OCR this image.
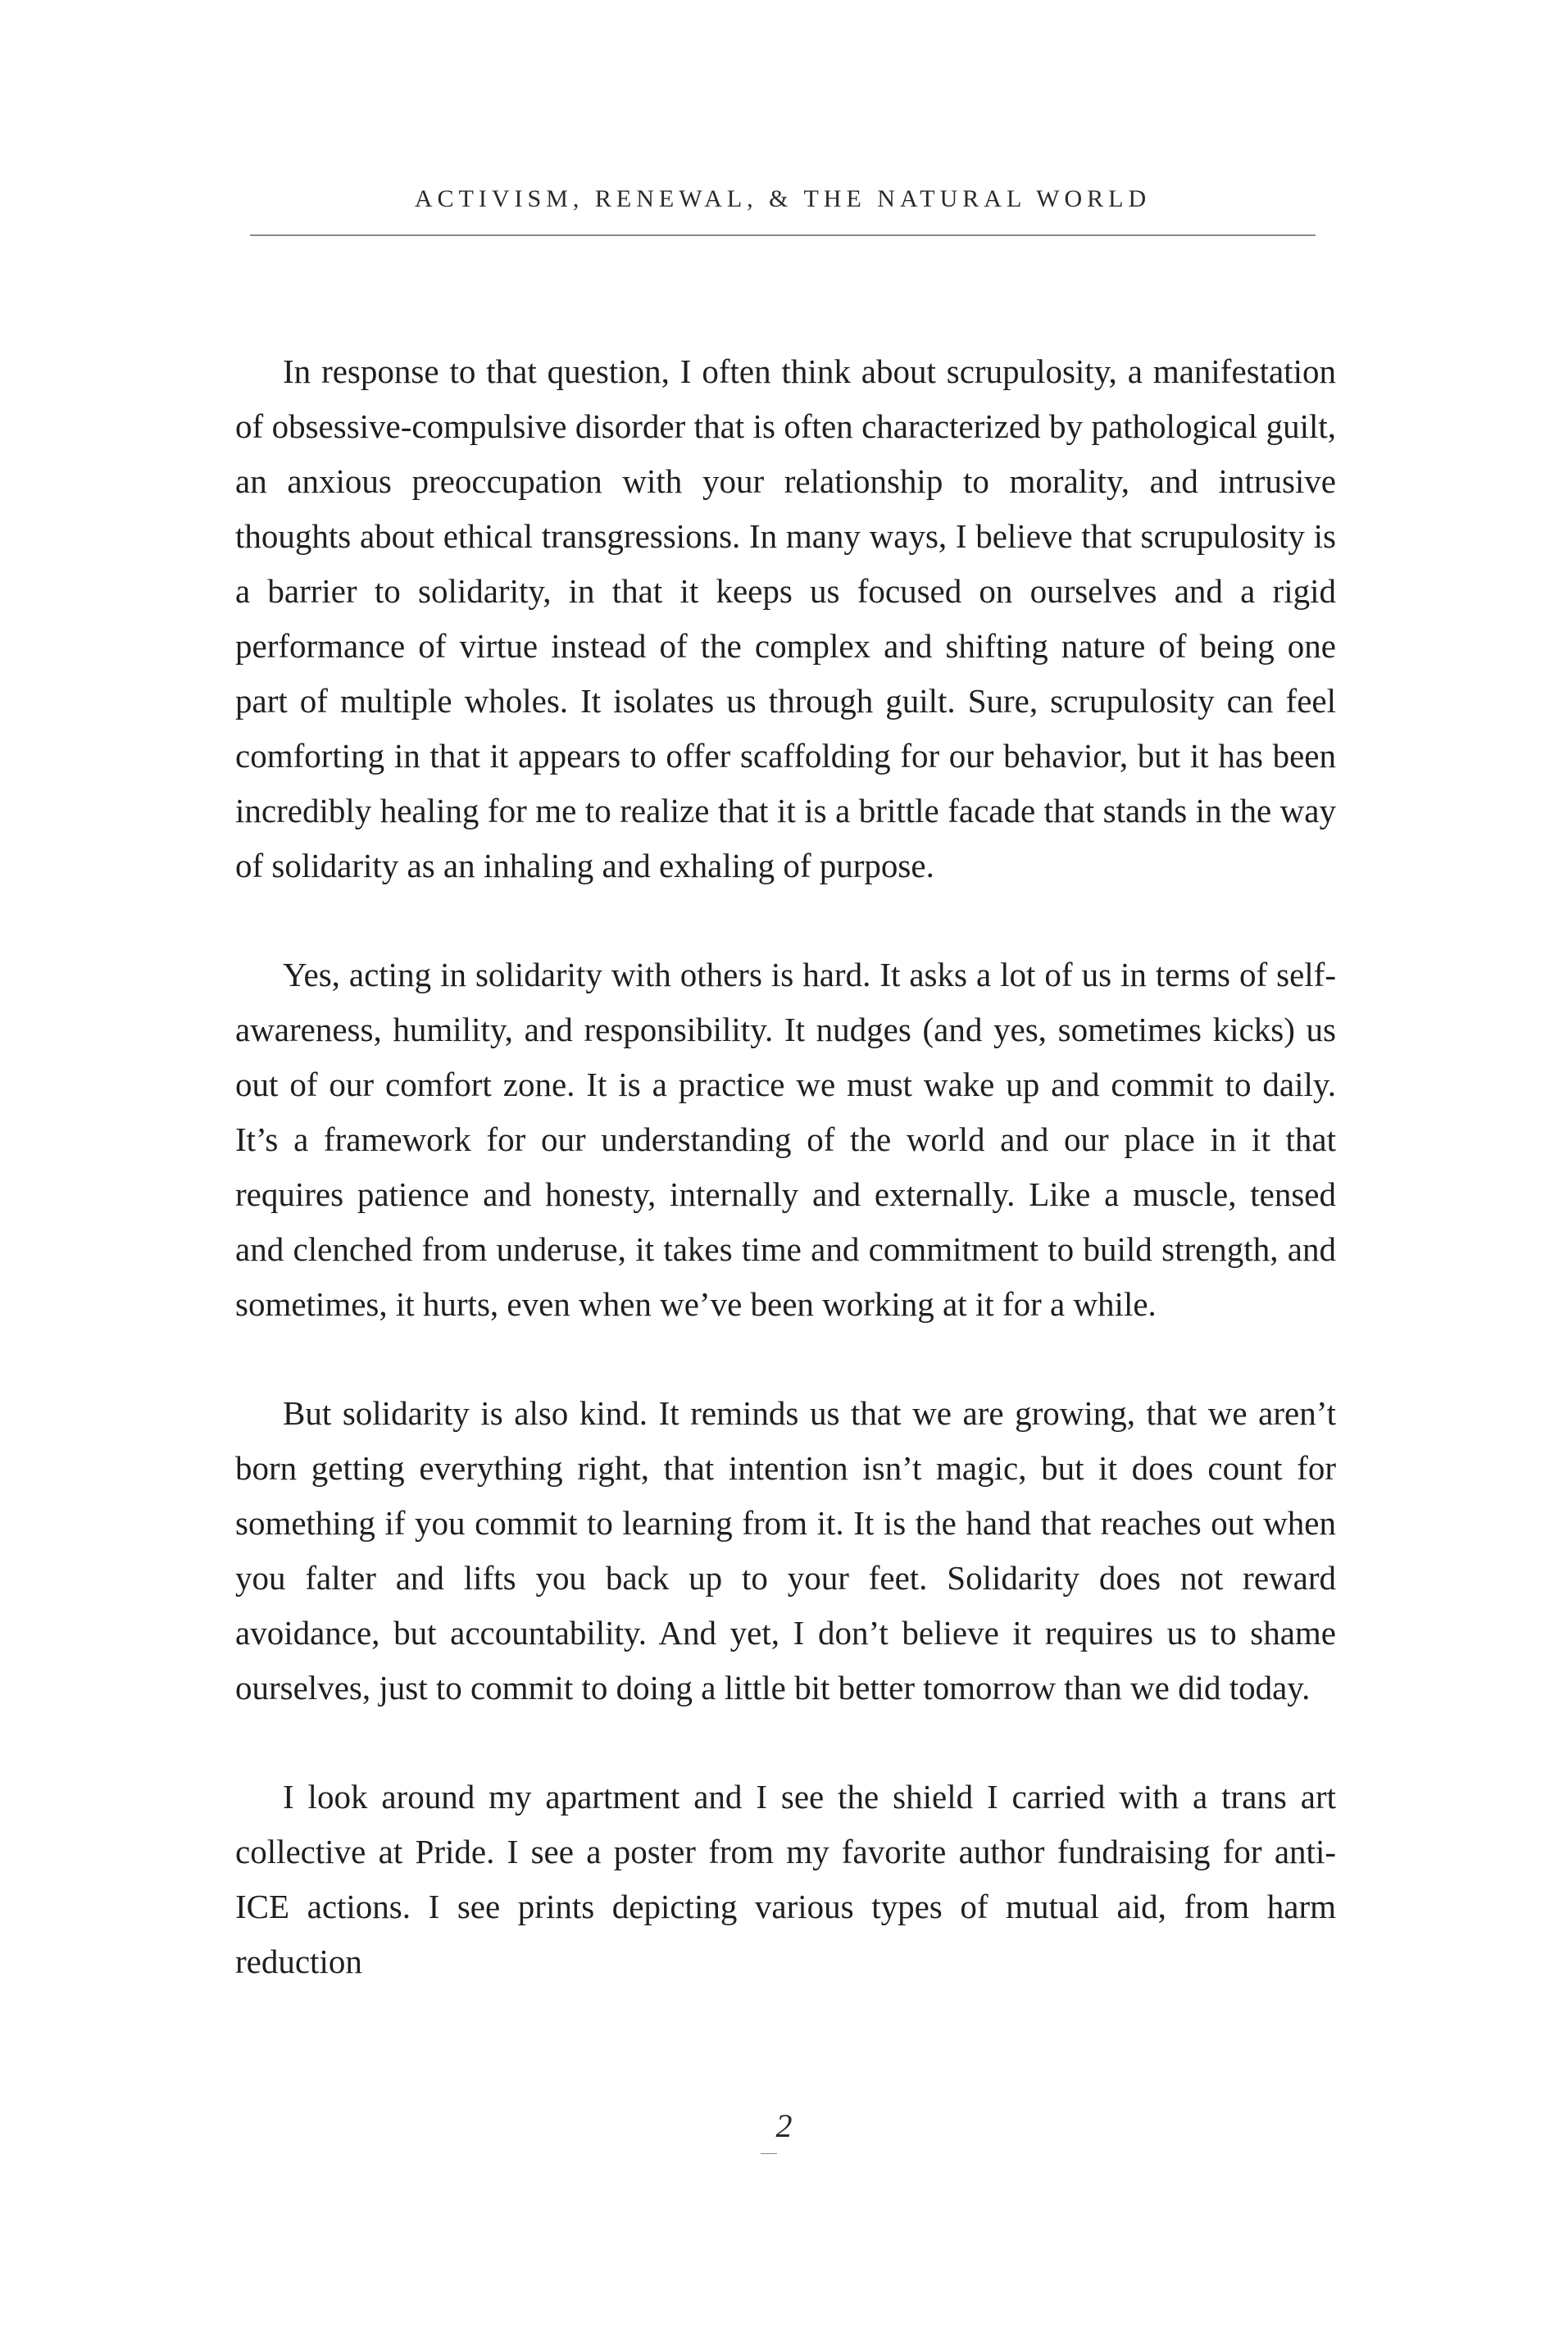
ACTIVISM, RENEWAL, & THE NATURAL WORLD

In response to that question, I often think about scrupulosity, a manifestation of obsessive-compulsive disorder that is often characterized by pathological guilt, an anxious preoccupation with your relationship to morality, and intrusive thoughts about ethical transgressions. In many ways, I believe that scrupulosity is a barrier to solidarity, in that it keeps us focused on ourselves and a rigid performance of virtue instead of the complex and shifting nature of being one part of multiple wholes. It isolates us through guilt. Sure, scrupulosity can feel comforting in that it appears to offer scaffolding for our behavior, but it has been incredibly healing for me to realize that it is a brittle facade that stands in the way of solidarity as an inhaling and exhaling of purpose.

Yes, acting in solidarity with others is hard. It asks a lot of us in terms of self-awareness, humility, and responsibility. It nudges (and yes, sometimes kicks) us out of our comfort zone. It is a practice we must wake up and commit to daily. It’s a framework for our understanding of the world and our place in it that requires patience and honesty, internally and externally. Like a muscle, tensed and clenched from underuse, it takes time and commitment to build strength, and sometimes, it hurts, even when we’ve been working at it for a while.

But solidarity is also kind. It reminds us that we are growing, that we aren’t born getting everything right, that intention isn’t magic, but it does count for something if you commit to learning from it. It is the hand that reaches out when you falter and lifts you back up to your feet. Solidarity does not reward avoidance, but accountability. And yet, I don’t believe it requires us to shame ourselves, just to commit to doing a little bit better tomorrow than we did today.

I look around my apartment and I see the shield I carried with a trans art collective at Pride. I see a poster from my favorite author fundraising for anti-ICE actions. I see prints depicting various types of mutual aid, from harm reduction

2
